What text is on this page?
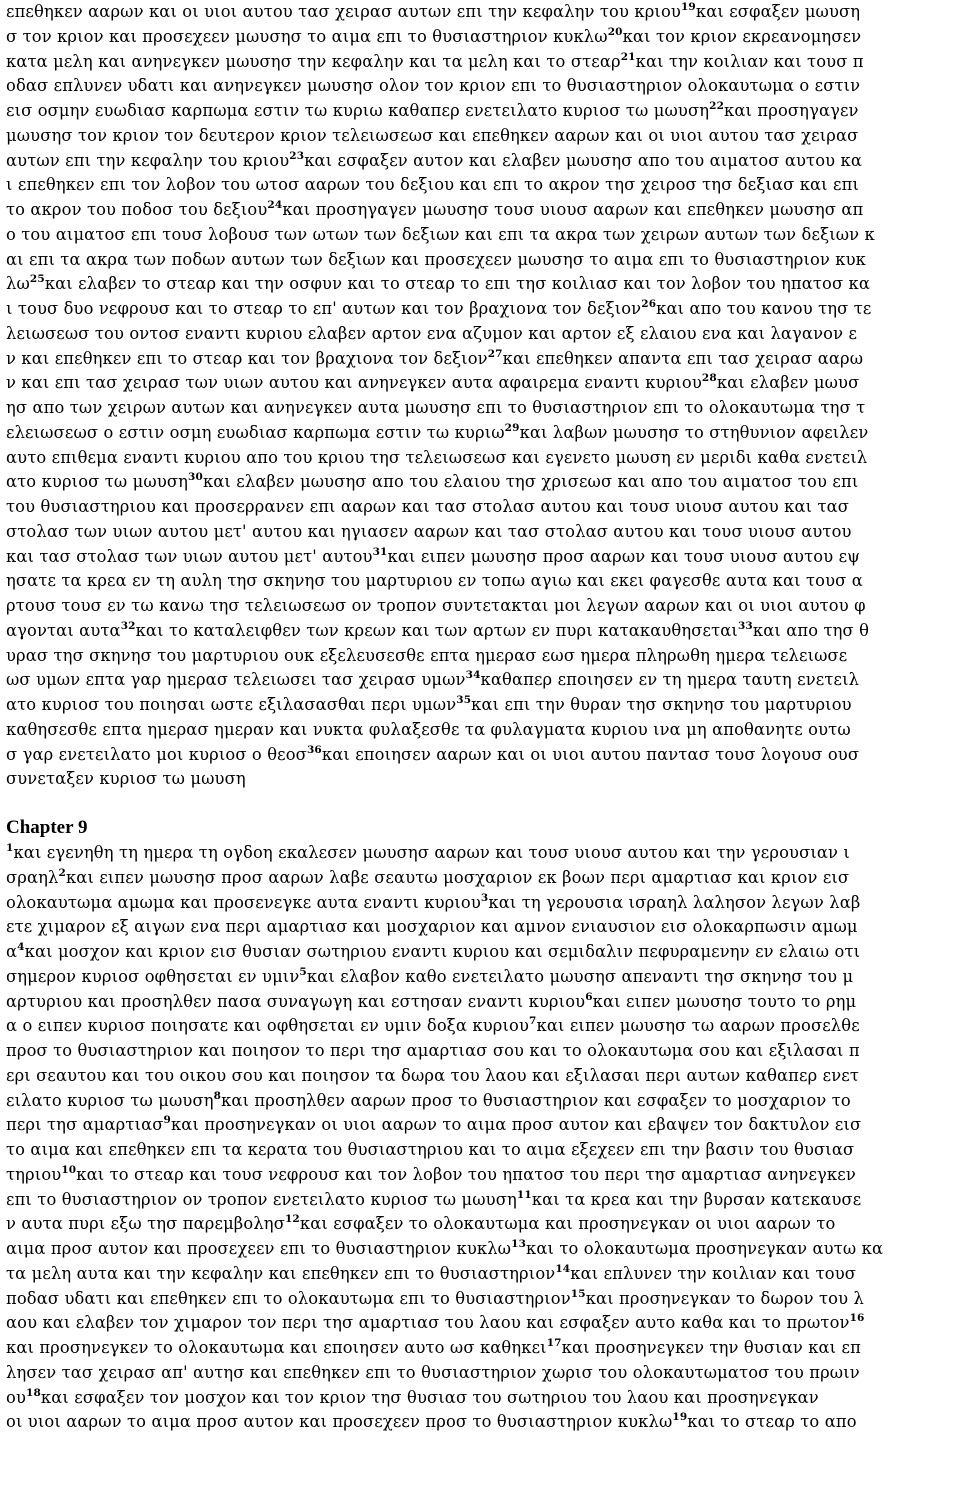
επεθηκεν ααρων και οι υιοι αυτου τασ χειρασ αυτων επι την κεφαλην του κριου$^{19}$και εσφαξεν μωυση
σ τον κριον και προσεχεεν μωυσησ το αιμα επι το θυσιαστηριον κυκλω$^{20}$και τον κριον εκρεανομησεν
κατα μελη και ανηνεγκεν μωυσησ την κεφαλην και τα μελη και το στεαρ$^{21}$και την κοιλιαν και τουσ π
οδασ επλυνεν υδατι και ανηνεγκεν μωυσησ ολον τον κριον επι το θυσιαστηριον ολοκαυτωμα ο εστιν
εισ οσμην ευωδιασ καρπωμα εστιν τω κυριω καθαπερ ενετειλατο κυριοσ τω μωυση$^{22}$και προσηγαγεν
μωυσησ τον κριον τον δευτερον κριον τελειωσεωσ και επεθηκεν ααρων και οι υιοι αυτου τασ χειρασ
αυτων επι την κεφαλην του κριου$^{23}$και εσφαξεν αυτον και ελαβεν μωυσησ απο του αιματοσ αυτου κα
ι επεθηκεν επι τον λοβον του ωτοσ ααρων του δεξιου και επι το ακρον τησ χειροσ τησ δεξιασ και επι
το ακρον του ποδοσ του δεξιου$^{24}$και προσηγαγεν μωυσησ τουσ υιουσ ααρων και επεθηκεν μωυσησ απ
ο του αιματοσ επι τουσ λοβουσ των ωτων των δεξιων και επι τα ακρα των χειρων αυτων των δεξιων κ
αι επι τα ακρα των ποδων αυτων των δεξιων και προσεχεεν μωυσησ το αιμα επι το θυσιαστηριον κυκ
$\lambda\omega^{25}\kappa\alpha\iota$ ελαβεν το στεαρ και την οσφυν και το στεαρ το επι τησ κοιλιασ και τον λοβον του ηπατοσ κα
ι τουσ δυο νεφρουσ και το στεαρ το επ' αυτων και τον βραχιονα τον δεξιον$^{26}$και απο του κανου τησ τε
λειωσεωσ του οντοσ εναντι κυριου ελαβεν αρτον ενα αζυμον και αρτον εξ ελαιου ενα και λαγανον ε
ν και επεθηκεν επι το στεαρ και τον βραχιονα τον δεξιον$^{27}$και επεθηκεν απαντα επι τασ χειρασ ααρω
ν και επι τασ χειρασ των υιων αυτου και ανηνεγκεν αυτα αφαιρεμα εναντι κυριου$^{28}$και ελαβεν μωυσ
ησ απο των χειρων αυτων και ανηνεγκεν αυτα μωυσησ επι το θυσιαστηριον επι το ολοκαυτωμα τησ τ
ελειωσεωσ ο εστιν οσμη ευωδιασ καρπωμα εστιν τω κυριω$^{29}$και λαβων μωυσησ το στηθυνιον αφειλεν
αυτο επιθεμα εναντι κυριου απο του κριου τησ τελειωσεωσ και εγενετο μωυση εν μεριδι καθα ενετειλ
ατο κυριοσ τω μωυση$^{30}$και ελαβεν μωυσησ απο του ελαιου τησ χρισεωσ και απο του αιματοσ του επι
του θυσιαστηριου και προσερρανεν επι ααρων και τασ στολασ αυτου και τουσ υιουσ αυτου και τασ
στολασ των υιων αυτου μετ' αυτου και ηγιασεν ααρων και τασ στολασ αυτου και τουσ υιουσ αυτου
και τασ στολασ των υιων αυτου μετ' αυτου$^{31}$και ειπεν μωυσησ προσ ααρων και τουσ υιουσ αυτου εψ
ησατε τα κρεα εν τη αυλη τησ σκηνησ του μαρτυριου εν τοπω αγιω και εκει φαγεσθε αυτα και τουσ α
ρτουσ τουσ εν τω κανω τησ τελειωσεωσ ον τροπον συντετακται μοι λεγων ααρων και οι υιοι αυτου φ
αγονται αυτα$^{32}$και το καταλειφθεν των κρεων και των αρτων εν πυρι κατακαυθησεται$^{33}$και απο τησ θ
υρασ τησ σκηνησ του μαρτυριου ουκ εξελευσεσθε επτα ημερασ εωσ ημερα πληρωθη ημερα τελειωσε
ωσ υμων επτα γαρ ημερασ τελειωσει τασ χειρασ υμων$^{34}$καθαπερ εποιησεν εν τη ημερα ταυτη ενετειλ
ατο κυριοσ του ποιησαι ωστε εξιλασασθαι περι υμων$^{35}$και επι την θυραν τησ σκηνησ του μαρτυριου
καθησεσθε επτα ημερασ ημεραν και νυκτα φυλαξεσθε τα φυλαγματα κυριου ινα μη αποθανητε ουτω
σ γαρ ενετειλατο μοι κυριοσ ο θεοσ$^{36}$και εποιησεν ααρων και οι υιοι αυτου παντασ τουσ λογουσ ουσ
συνεταξεν κυριοσ τω μωυση
Chapter 9
$^1$και εγενηθη τη ημερα τη ογδοη εκαλεσεν μωυσησ ααρων και τουσ υιουσ αυτου και την γερουσιαν ι
σραηλ$^2$και ειπεν μωυσησ προσ ααρων λαβε σεαυτω μοσχαριον εκ βοων περι αμαρτιασ και κριον εισ
ολοκαυτωμα αμωμα και προσενεγκε αυτα εναντι κυριου$^3$και τη γερουσια ισραηλ λαλησον λεγων λαβ
ετε χιμαρον εξ αιγων ενα περι αμαρτιασ και μοσχαριον και αμνον ενιαυσιον εισ ολοκαρπωσιν αμωμ
$\alpha^4\kappa\alpha\iota$ μοσχον και κριον εισ θυσιαν σωτηριου εναντι κυριου και σεμιδαλιν πεφυραμενην εν ελαιω οτι
σημερον κυριοσ οφθησεται εν υμιν$^5$και ελαβον καθο ενετειλατο μωυσησ απεναντι τησ σκηνησ του μ
αρτυριου και προσηλθεν πασα συναγωγη και εστησαν εναντι κυριου$^6$και ειπεν μωυσησ τουτο το ρημ
α ο ειπεν κυριοσ ποιησατε και οφθησεται εν υμιν δοξα κυριου$^7$και ειπεν μωυσησ τω ααρων προσελθε
προσ το θυσιαστηριον και ποιησον το περι τησ αμαρτιασ σου και το ολοκαυτωμα σου και εξιλασαι π
ερι σεαυτου και του οικου σου και ποιησον τα δωρα του λαου και εξιλασαι περι αυτων καθαπερ ενετ
ειλατο κυριοσ τω μωυση$^8$και προσηλθεν ααρων προσ το θυσιαστηριον και εσφαξεν το μοσχαριον το
περι τησ αμαρτιασ$^9$και προσηνεγκαν οι υιοι ααρων το αιμα προσ αυτον και εβαψεν τον δακτυλον εισ
το αιμα και επεθηκεν επι τα κερατα του θυσιαστηριου και το αιμα εξεχεεν επι την βασιν του θυσιασ
τηριου$^{10}$και το στεαρ και τουσ νεφρουσ και τον λοβον του ηπατοσ του περι τησ αμαρτιασ ανηνεγκεν
επι το θυσιαστηριον ον τροπον ενετειλατο κυριοσ τω μωυση$^{11}$και τα κρεα και την βυρσαν κατεκαυσε
ν αυτα πυρι εξω τησ παρεμβολησ$^{12}$και εσφαξεν το ολοκαυτωμα και προσηνεγκαν οι υιοι ααρων το
αιμα προσ αυτον και προσεχεεν επι το θυσιαστηριον κυκλω$^{13}$και το ολοκαυτωμα προσηνεγκαν αυτω κα
τα μελη αυτα και την κεφαλην και επεθηκεν επι το θυσιαστηριον$^{14}$και επλυνεν την κοιλιαν και τουσ
ποδασ υδατι και επεθηκεν επι το ολοκαυτωμα επι το θυσιαστηριον$^{15}$και προσηνεγκαν το δωρον του λ
αου και ελαβεν τον χιμαρον τον περι τησ αμαρτιασ του λαου και εσφαξεν αυτο καθα και το πρωτον$^{16}$
και προσηνεγκεν το ολοκαυτωμα και εποιησεν αυτο ωσ καθηκει$^{17}$και προσηνεγκεν την θυσιαν και επ
λησεν τασ χειρασ απ' αυτησ και επεθηκεν επι το θυσιαστηριον χωρισ του ολοκαυτωματοσ του πρωιν
$o\upsilon^{18}\kappa\alpha\iota$ εσφαξεν τον μοσχον και τον κριον τησ θυσιασ του σωτηριου του λαου και προσηνεγκαν
οι υιοι ααρων το αιμα προσ αυτον και προσεχεεν προσ το θυσιαστηριον κυκλω$^{19}$και το στεαρ το απο
